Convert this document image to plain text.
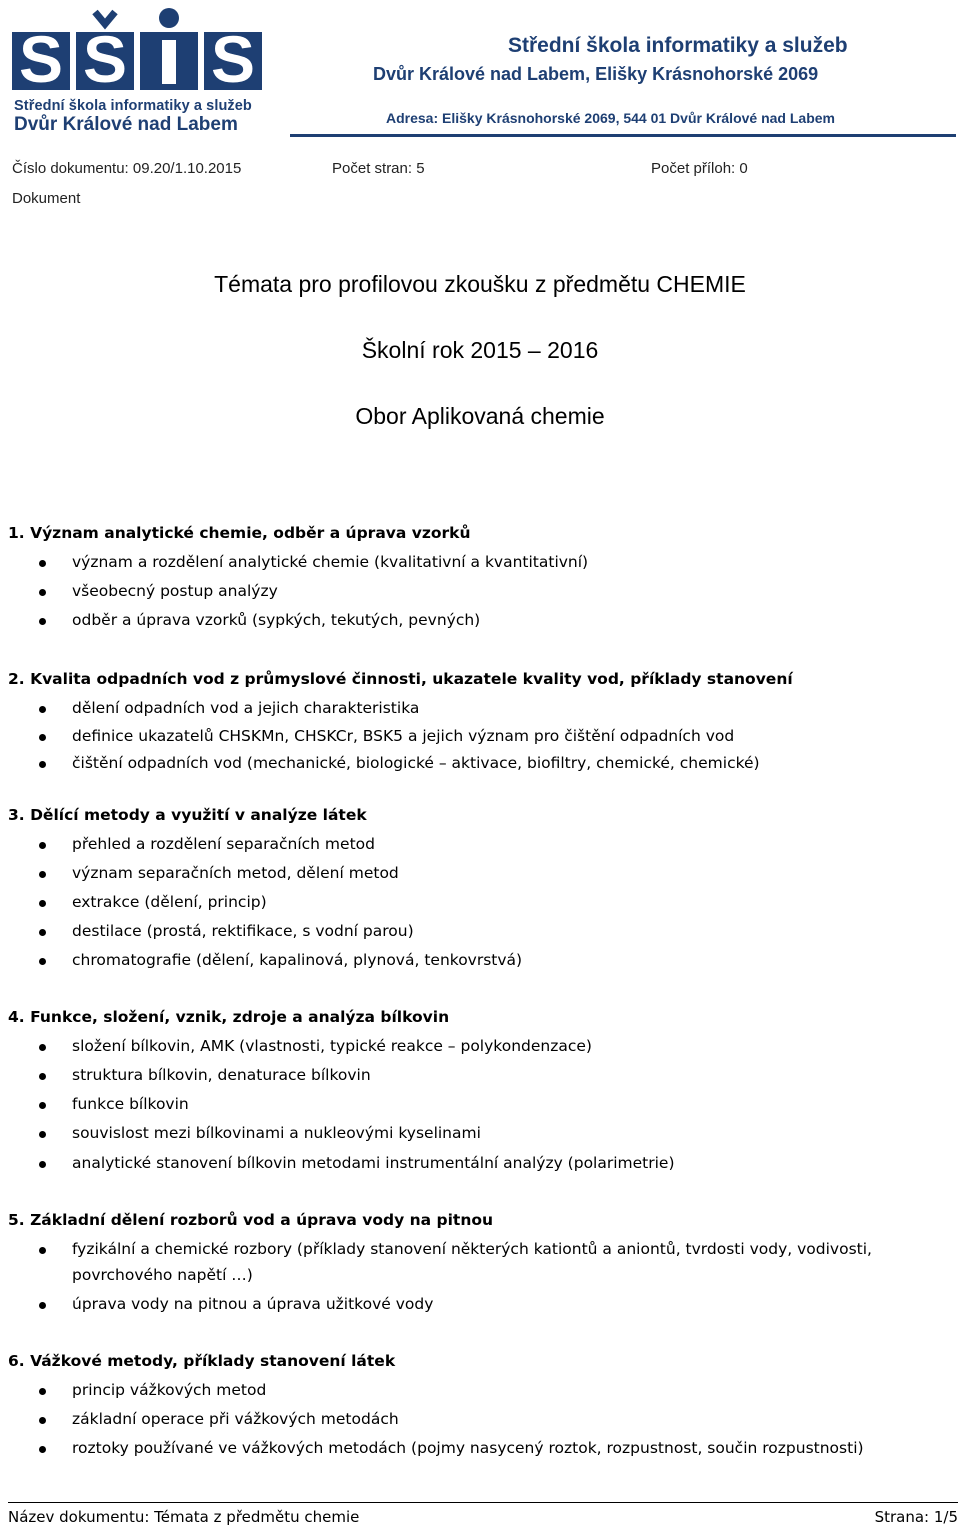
S S S
Střední škola informatiky a služeb
Dvůr Králové nad Labem
Střední škola informatiky a služeb
Dvůr Králové nad Labem, Elišky Krásnohorské 2069
Adresa: Elišky Krásnohorské 2069, 544 01 Dvůr Králové nad Labem
Číslo dokumentu: 09.20/1.10.2015	Počet stran: 5	Počet příloh: 0
Dokument
Témata pro profilovou zkoušku z předmětu CHEMIE
Školní rok 2015 – 2016
Obor Aplikovaná chemie
1. Význam analytické chemie, odběr a úprava vzorků
význam a rozdělení analytické chemie (kvalitativní a kvantitativní)
všeobecný postup analýzy
odběr a úprava vzorků (sypkých, tekutých, pevných)
2. Kvalita odpadních vod z průmyslové činnosti, ukazatele kvality vod, příklady stanovení
dělení odpadních vod a jejich charakteristika
definice ukazatelů CHSKMn, CHSKCr, BSK5 a jejich význam pro čištění odpadních vod
čištění odpadních vod (mechanické, biologické – aktivace, biofiltry, chemické, chemické)
3. Dělící metody a využití v analýze látek
přehled a rozdělení separačních metod
význam separačních metod, dělení metod
extrakce (dělení, princip)
destilace (prostá, rektifikace, s vodní parou)
chromatografie (dělení, kapalinová, plynová, tenkovrstvá)
4. Funkce, složení, vznik, zdroje a analýza bílkovin
složení bílkovin, AMK (vlastnosti, typické reakce – polykondenzace)
struktura bílkovin, denaturace bílkovin
funkce bílkovin
souvislost mezi bílkovinami a nukleovými kyselinami
analytické stanovení bílkovin metodami instrumentální analýzy (polarimetrie)
5. Základní dělení rozborů vod a úprava vody na pitnou
fyzikální a chemické rozbory (příklady stanovení některých kationtů a aniontů, tvrdosti vody, vodivosti,
povrchového napětí …)
úprava vody na pitnou a úprava užitkové vody
6. Vážkové metody, příklady stanovení látek
princip vážkových metod
základní operace při vážkových metodách
roztoky používané ve vážkových metodách (pojmy nasycený roztok, rozpustnost, součin rozpustnosti)
Název dokumentu: Témata z předmětu chemie	Strana: 1/5
